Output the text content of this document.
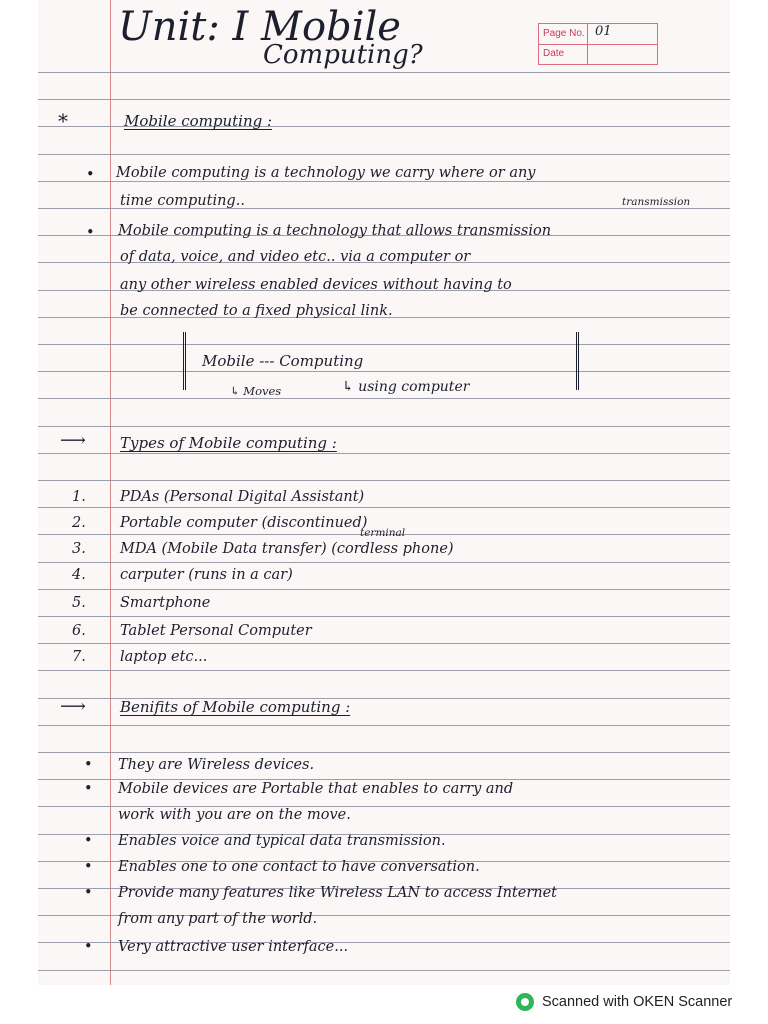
Unit: I Mobile
Computing?
Page No. 01
Date
*	Mobile computing :
• Mobile computing is a technology we carry where or any
time computing..	transmission
• Mobile computing is a technology that allows transmission
of data, voice, and video etc.. via a computer or
any other wireless enabled devices without having to
be connected to a fixed physical link.
Mobile --- Computing
↳ Moves	↳ using computer
⟶ Types of Mobile computing :
1. PDAs (Personal Digital Assistant)
2. Portable computer (discontinued)
3. MDA (Mobile Data transfer) (cordless phone)
4. carputer (runs in a car)
5. Smartphone
6. Tablet Personal Computer
7. laptop etc...
terminal
⟶ Benifits of Mobile computing :
• They are Wireless devices.
• Mobile devices are Portable that enables to carry and
work with you are on the move.
• Enables voice and typical data transmission.
• Enables one to one contact to have conversation.
• Provide many features like Wireless LAN to access Internet
from any part of the world.
• Very attractive user interface...
Scanned with OKEN Scanner
